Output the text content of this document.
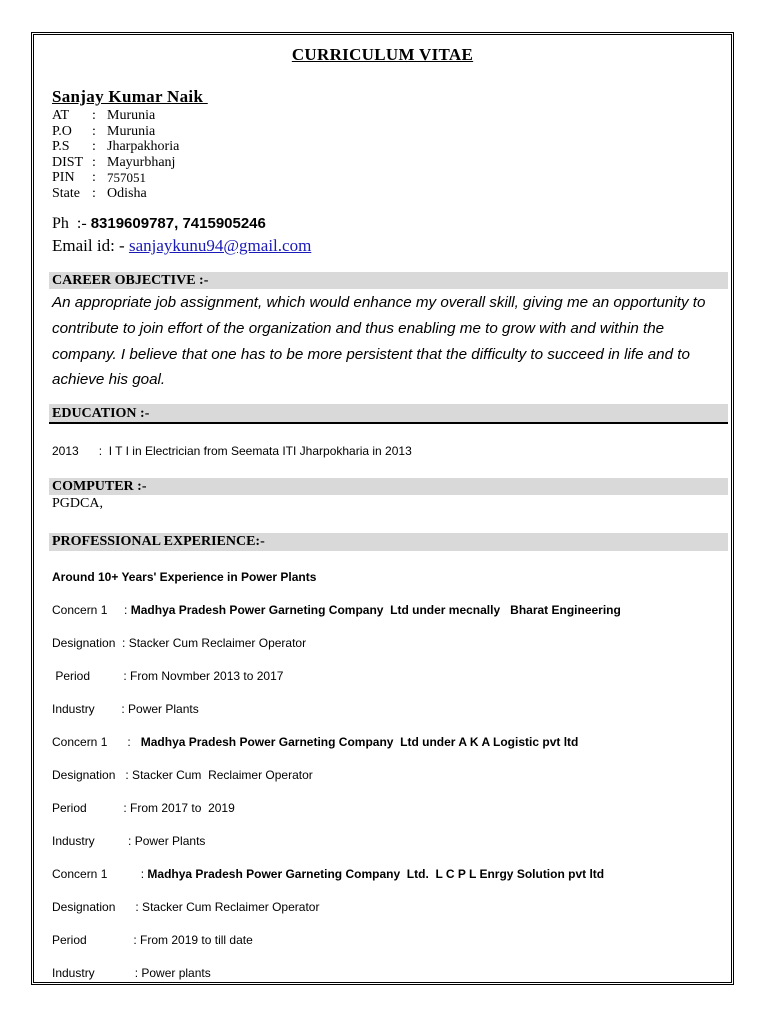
CURRICULUM VITAE
Sanjay Kumar Naik
AT	: Murunia
P.O	: Murunia
P.S	: Jharpakhoria
DIST : Mayurbhanj
PIN	: 757051
State : Odisha
Ph :- 8319609787, 7415905246
Email id: - sanjaykunu94@gmail.com
CAREER OBJECTIVE :-
An appropriate job assignment, which would enhance my overall skill, giving me an opportunity to contribute to join effort of the organization and thus enabling me to grow with and within the company. I believe that one has to be more persistent that the difficulty to succeed in life and to achieve his goal.
EDUCATION :-
2013 :  I T I in Electrician from Seemata ITI Jharpokharia in 2013
COMPUTER :-
PGDCA,
PROFESSIONAL EXPERIENCE:-
Around 10+ Years' Experience in Power Plants
Concern 1 : Madhya Pradesh Power Garneting Company  Ltd under mecnally   Bharat Engineering
Designation : Stacker Cum Reclaimer Operator
Period	: From Novmber 2013 to 2017
Industry : Power Plants
Concern 1 : Madhya Pradesh Power Garneting Company  Ltd under A K A Logistic pvt ltd
Designation : Stacker Cum  Reclaimer Operator
Period	: From 2017 to  2019
Industry	: Power Plants
Concern 1	: Madhya Pradesh Power Garneting Company  Ltd.  L C P L Enrgy Solution pvt ltd
Designation : Stacker Cum Reclaimer Operator
Period	: From 2019 to till date
Industry	: Power plants
